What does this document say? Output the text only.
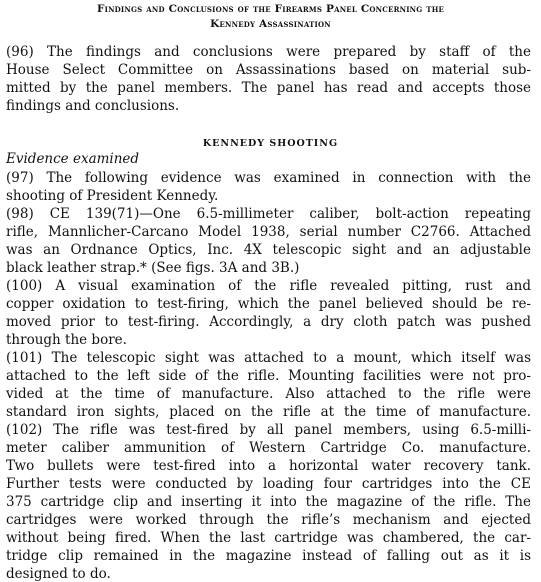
Findings and Conclusions of the Firearms Panel Concerning the
Kennedy Assassination
(96) The findings and conclusions were prepared by staff of the
House Select Committee on Assassinations based on material sub-
mitted by the panel members. The panel has read and accepts those
findings and conclusions.
KENNEDY SHOOTING
Evidence examined
(97) The following evidence was examined in connection with the
shooting of President Kennedy.
(98) CE 139(71)—One 6.5-millimeter caliber, bolt-action repeating
rifle, Mannlicher-Carcano Model 1938, serial number C2766. Attached
was an Ordnance Optics, Inc. 4X telescopic sight and an adjustable
black leather strap.* (See figs. 3A and 3B.)
(100) A visual examination of the rifle revealed pitting, rust and
copper oxidation to test-firing, which the panel believed should be re-
moved prior to test-firing. Accordingly, a dry cloth patch was pushed
through the bore.
(101) The telescopic sight was attached to a mount, which itself was
attached to the left side of the rifle. Mounting facilities were not pro-
vided at the time of manufacture. Also attached to the rifle were
standard iron sights, placed on the rifle at the time of manufacture.
(102) The rifle was test-fired by all panel members, using 6.5-milli-
meter caliber ammunition of Western Cartridge Co. manufacture.
Two bullets were test-fired into a horizontal water recovery tank.
Further tests were conducted by loading four cartridges into the CE
375 cartridge clip and inserting it into the magazine of the rifle. The
cartridges were worked through the rifle’s mechanism and ejected
without being fired. When the last cartridge was chambered, the car-
tridge clip remained in the magazine instead of falling out as it is
designed to do.
